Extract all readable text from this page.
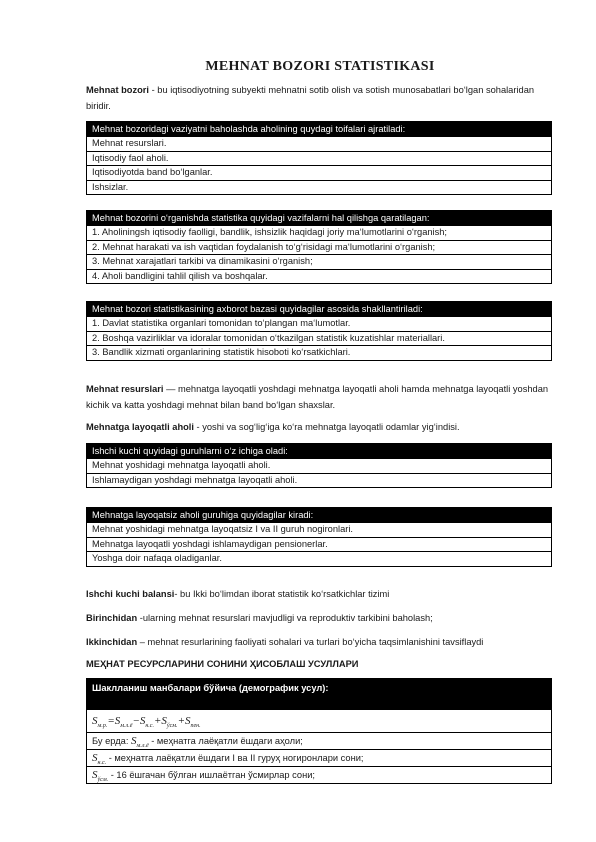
MEHNAT BOZORI STATISTIKASI

Mehnat bozori - bu iqtisodiyotning subyekti mehnatni sotib olish va sotish munosabatlari bo‘lgan sohalaridan biridir.

Mehnat bozoridagi vaziyatni baholashda aholining quydagi toifalari ajratiladi:
Mehnat resurslari.
Iqtisodiy faol aholi.
Iqtisodiyotda band bo‘lganlar.
Ishsizlar.
Mehnat bozorini o‘rganishda statistika quyidagi vazifalarni hal qilishga qaratilagan:
1. Aholiningsh iqtisodiy faolligi, bandlik, ishsizlik haqidagi joriy ma‘lumotlarini o‘rganish;
2. Mehnat harakati va ish vaqtidan foydalanish to‘g‘risidagi ma‘lumotlarini o‘rganish;
3. Mehnat xarajatlari tarkibi va dinamikasini o‘rganish;
4. Aholi bandligini tahlil qilish va boshqalar.
Mehnat bozori statistikasining axborot bazasi quyidagilar asosida shakllantiriladi:
1. Davlat statistika organlari tomonidan to‘plangan ma‘lumotlar.
2. Boshqa vazirliklar va idoralar tomonidan o‘tkazilgan statistik kuzatishlar materiallari.
3. Bandlik xizmati organlarining statistik hisoboti ko‘rsatkichlari.

Mehnat resurslari — mehnatga layoqatli yoshdagi mehnatga layoqatli aholi hamda mehnatga layoqatli yoshdan kichik va katta yoshdagi mehnat bilan band bo‘lgan shaxslar.

Mehnatga layoqatli aholi - yoshi va sog‘lig‘iga ko‘ra mehnatga layoqatli odamlar yig‘indisi.

Ishchi kuchi quyidagi guruhlarni o‘z ichiga oladi:
Mehnat yoshidagi mehnatga layoqatli aholi.
Ishlamaydigan yoshdagi mehnatga layoqatli aholi.
Mehnatga layoqatsiz aholi guruhiga quyidagilar kiradi:
Mehnat yoshidagi mehnatga layoqatsiz I va II guruh nogironlari.
Mehnatga layoqatli yoshdagi ishlamaydigan pensionerlar.
Yoshga doir nafaqa oladiganlar.

Ishchi kuchi balansi- bu Ikki bo‘limdan iborat statistik ko‘rsatkichlar tizimi

Birinchidan -ularning mehnat resurslari mavjudligi va reproduktiv tarkibini baholash;

Ikkinchidan – mehnat resurlarining faoliyati sohalari va turlari bo‘yicha taqsimlanishini tavsiflaydi

МЕҲНАТ РЕСУРСЛАРИНИ СОНИНИ ҲИСОБЛАШ УСУЛЛАРИ
Шаклланиш манбалари бўйича (демографик усул):
$S_{м.р.}=S_{м.л.ё}-S_{н.с.}+S_{ўсм.}+S_{пен.}$
Бу ерда: $S_{м.л.ё}$ - меҳнатга лаёқатли ёшдаги аҳоли;
$S_{н.с.}$ - меҳнатга лаёқатли ёшдаги I ва II гуруҳ ногиронлари сони;
$S_{ўсм.} - 16$ ёшгачан бўлган ишлаётган ўсмирлар сони;
